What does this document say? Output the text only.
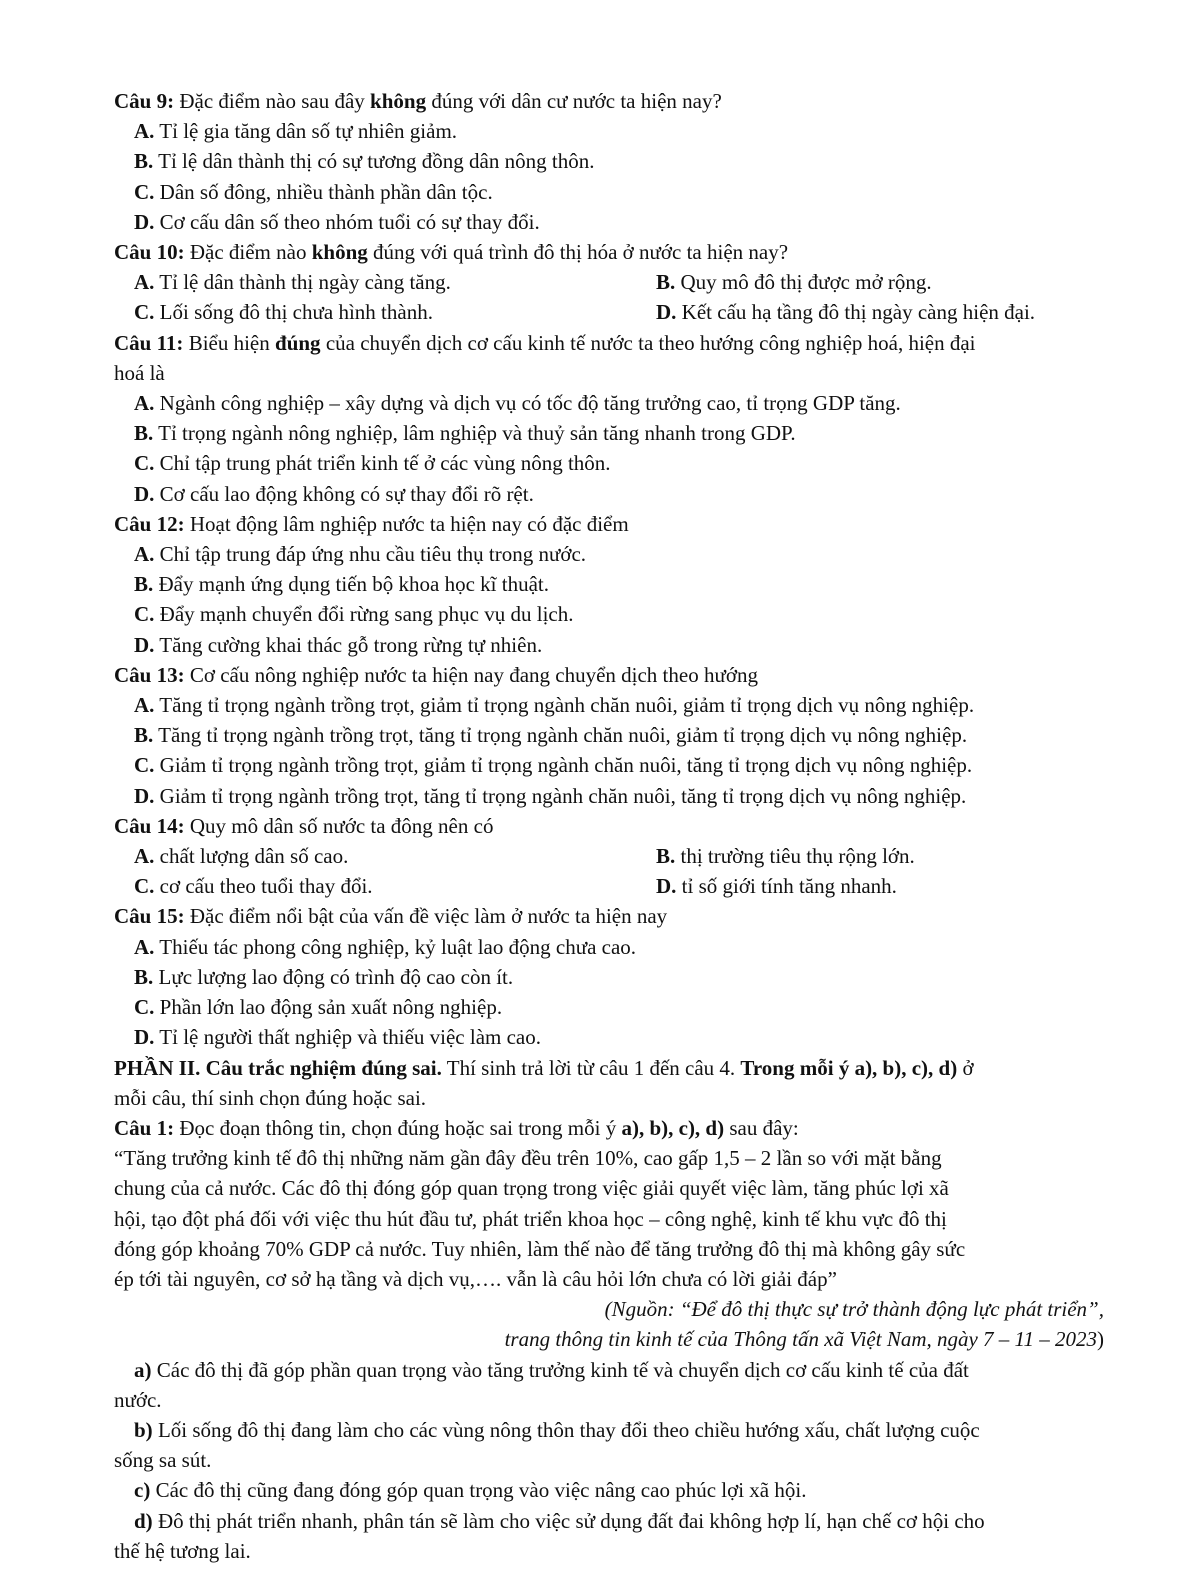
Câu 9: Đặc điểm nào sau đây không đúng với dân cư nước ta hiện nay?
A. Tỉ lệ gia tăng dân số tự nhiên giảm.
B. Tỉ lệ dân thành thị có sự tương đồng dân nông thôn.
C. Dân số đông, nhiều thành phần dân tộc.
D. Cơ cấu dân số theo nhóm tuổi có sự thay đổi.
Câu 10: Đặc điểm nào không đúng với quá trình đô thị hóa ở nước ta hiện nay?
A. Tỉ lệ dân thành thị ngày càng tăng.	B. Quy mô đô thị được mở rộng.
C. Lối sống đô thị chưa hình thành.	D. Kết cấu hạ tầng đô thị ngày càng hiện đại.
Câu 11: Biểu hiện đúng của chuyển dịch cơ cấu kinh tế nước ta theo hướng công nghiệp hoá, hiện đại
hoá là
A. Ngành công nghiệp – xây dựng và dịch vụ có tốc độ tăng trưởng cao, tỉ trọng GDP tăng.
B. Tỉ trọng ngành nông nghiệp, lâm nghiệp và thuỷ sản tăng nhanh trong GDP.
C. Chỉ tập trung phát triển kinh tế ở các vùng nông thôn.
D. Cơ cấu lao động không có sự thay đổi rõ rệt.
Câu 12: Hoạt động lâm nghiệp nước ta hiện nay có đặc điểm
A. Chỉ tập trung đáp ứng nhu cầu tiêu thụ trong nước.
B. Đẩy mạnh ứng dụng tiến bộ khoa học kĩ thuật.
C. Đẩy mạnh chuyển đổi rừng sang phục vụ du lịch.
D. Tăng cường khai thác gỗ trong rừng tự nhiên.
Câu 13: Cơ cấu nông nghiệp nước ta hiện nay đang chuyển dịch theo hướng
A. Tăng tỉ trọng ngành trồng trọt, giảm tỉ trọng ngành chăn nuôi, giảm tỉ trọng dịch vụ nông nghiệp.
B. Tăng tỉ trọng ngành trồng trọt, tăng tỉ trọng ngành chăn nuôi, giảm tỉ trọng dịch vụ nông nghiệp.
C. Giảm tỉ trọng ngành trồng trọt, giảm tỉ trọng ngành chăn nuôi, tăng tỉ trọng dịch vụ nông nghiệp.
D. Giảm tỉ trọng ngành trồng trọt, tăng tỉ trọng ngành chăn nuôi, tăng tỉ trọng dịch vụ nông nghiệp.
Câu 14: Quy mô dân số nước ta đông nên có
A. chất lượng dân số cao.	B. thị trường tiêu thụ rộng lớn.
C. cơ cấu theo tuổi thay đổi.	D. tỉ số giới tính tăng nhanh.
Câu 15: Đặc điểm nổi bật của vấn đề việc làm ở nước ta hiện nay
A. Thiếu tác phong công nghiệp, kỷ luật lao động chưa cao.
B. Lực lượng lao động có trình độ cao còn ít.
C. Phần lớn lao động sản xuất nông nghiệp.
D. Tỉ lệ người thất nghiệp và thiếu việc làm cao.
PHẦN II. Câu trắc nghiệm đúng sai. Thí sinh trả lời từ câu 1 đến câu 4. Trong mỗi ý a), b), c), d) ở
mỗi câu, thí sinh chọn đúng hoặc sai.
Câu 1: Đọc đoạn thông tin, chọn đúng hoặc sai trong mỗi ý a), b), c), d) sau đây:
“Tăng trưởng kinh tế đô thị những năm gần đây đều trên 10%, cao gấp 1,5 – 2 lần so với mặt bằng
chung của cả nước. Các đô thị đóng góp quan trọng trong việc giải quyết việc làm, tăng phúc lợi xã
hội, tạo đột phá đối với việc thu hút đầu tư, phát triển khoa học – công nghệ, kinh tế khu vực đô thị
đóng góp khoảng 70% GDP cả nước. Tuy nhiên, làm thế nào để tăng trưởng đô thị mà không gây sức
ép tới tài nguyên, cơ sở hạ tầng và dịch vụ,…. vẫn là câu hỏi lớn chưa có lời giải đáp”
(Nguồn: “Để đô thị thực sự trở thành động lực phát triển”,
trang thông tin kinh tế của Thông tấn xã Việt Nam, ngày 7 – 11 – 2023)
a) Các đô thị đã góp phần quan trọng vào tăng trưởng kinh tế và chuyển dịch cơ cấu kinh tế của đất
nước.
b) Lối sống đô thị đang làm cho các vùng nông thôn thay đổi theo chiều hướng xấu, chất lượng cuộc
sống sa sút.
c) Các đô thị cũng đang đóng góp quan trọng vào việc nâng cao phúc lợi xã hội.
d) Đô thị phát triển nhanh, phân tán sẽ làm cho việc sử dụng đất đai không hợp lí, hạn chế cơ hội cho
thế hệ tương lai.
